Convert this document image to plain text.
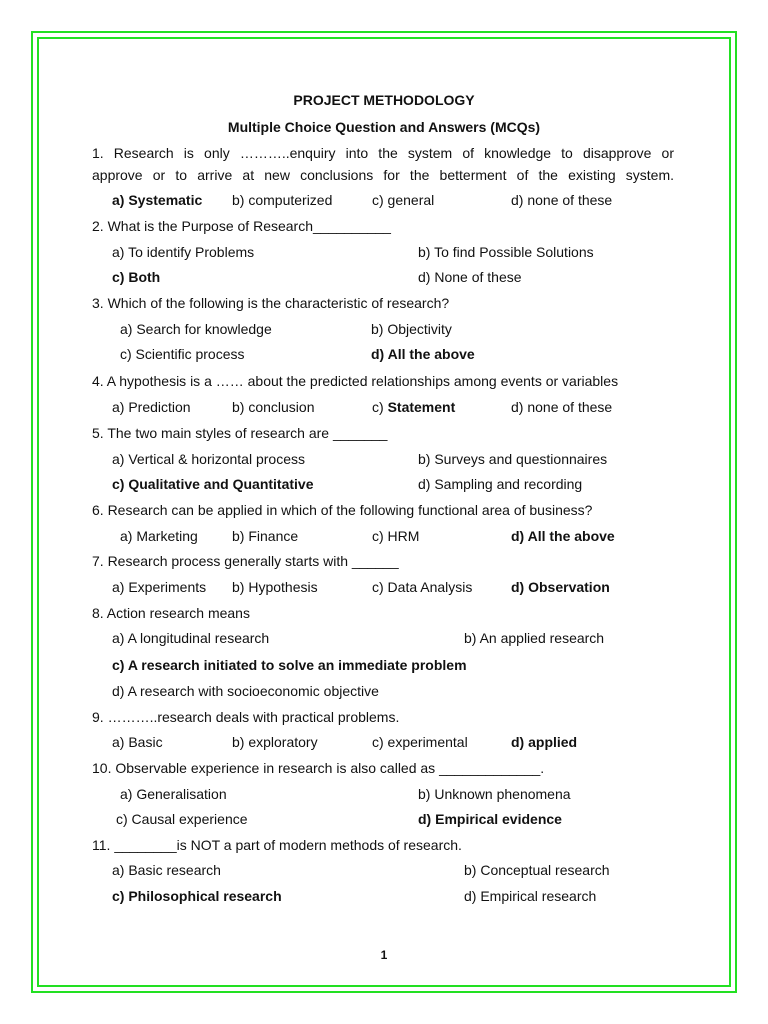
PROJECT METHODOLOGY
Multiple Choice Question and Answers (MCQs)
1. Research is only ………..enquiry into the system of knowledge to disapprove or
approve or to arrive at new conclusions for the betterment of the existing system.
a) Systematic b) computerized	c) general	d) none of these
2. What is the Purpose of Research__________
a) To identify Problems	b) To find Possible Solutions
c) Both	d) None of these
3. Which of the following is the characteristic of research?
a) Search for knowledge	b) Objectivity
c) Scientific process	d) All the above
4. A hypothesis is a …… about the predicted relationships among events or variables
a) Prediction	b) conclusion	c) Statement	d) none of these
5. The two main styles of research are _______
a) Vertical & horizontal process	b) Surveys and questionnaires
c) Qualitative and Quantitative	d) Sampling and recording
6. Research can be applied in which of the following functional area of business?
a) Marketing b) Finance	c) HRM	d) All the above
7. Research process generally starts with ______
a) Experiments b) Hypothesis	c) Data Analysis	d) Observation
8. Action research means
a) A longitudinal research	b) An applied research
c) A research initiated to solve an immediate problem
d) A research with socioeconomic objective
9. ………..research deals with practical problems.
a) Basic	b) exploratory	c) experimental	d) applied
10. Observable experience in research is also called as _____________.
a) Generalisation	b) Unknown phenomena
c) Causal experience	d) Empirical evidence
11. ________is NOT a part of modern methods of research.
a) Basic research	b) Conceptual research
c) Philosophical research	d) Empirical research
1
